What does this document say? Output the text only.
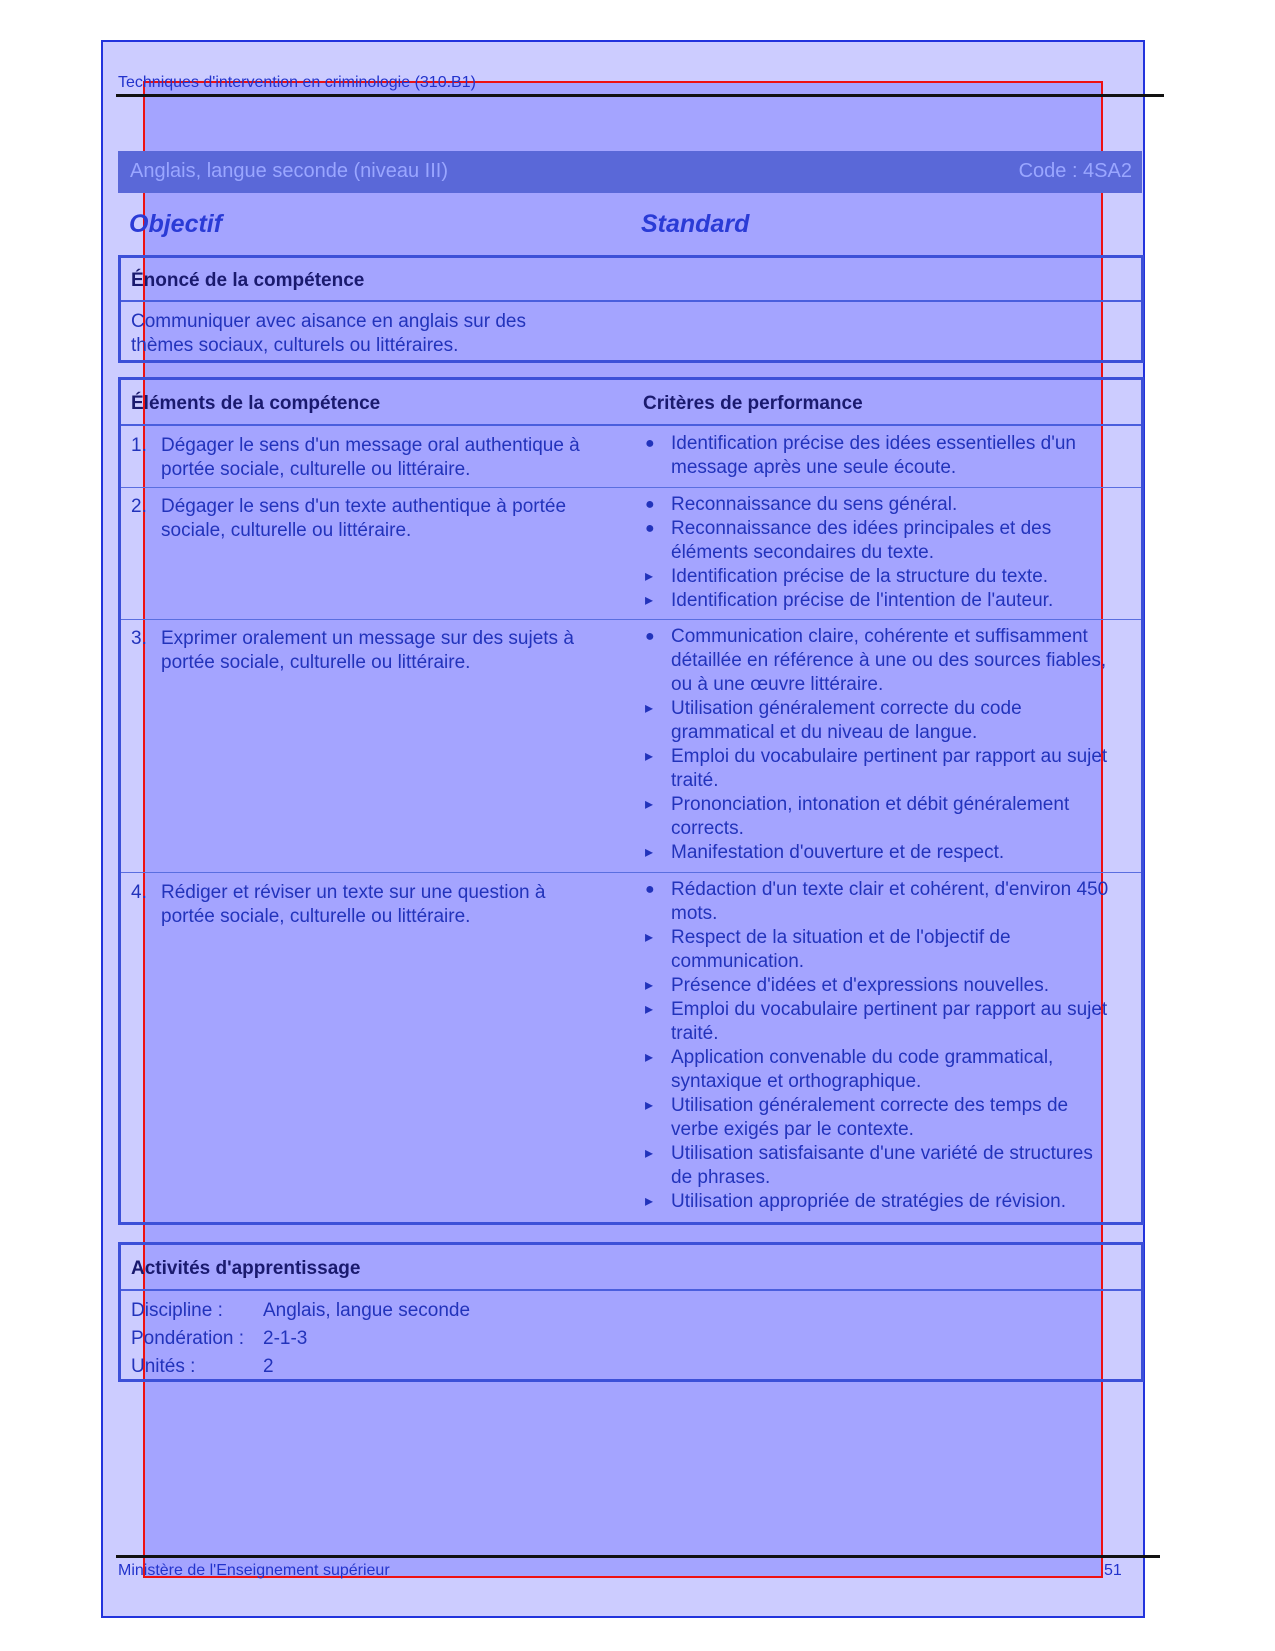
Techniques d'intervention en criminologie (310.B1)
Anglais, langue seconde (niveau III)	Code : 4SA2
Objectif	Standard
Énoncé de la compétence
Communiquer avec aisance en anglais sur des
thèmes sociaux, culturels ou littéraires.
Éléments de la compétence	Critères de performance
1. Dégager le sens d'un message oral authentique à
portée sociale, culturelle ou littéraire.
● Identification précise des idées essentielles d'un message après une seule écoute.
2. Dégager le sens d'un texte authentique à portée
sociale, culturelle ou littéraire.
● Reconnaissance du sens général.
● Reconnaissance des idées principales et des éléments secondaires du texte.
▸ Identification précise de la structure du texte.
▸ Identification précise de l'intention de l'auteur.
3. Exprimer oralement un message sur des sujets à
portée sociale, culturelle ou littéraire.
● Communication claire, cohérente et suffisamment détaillée en référence à une ou des sources fiables, ou à une œuvre littéraire.
▸ Utilisation généralement correcte du code grammatical et du niveau de langue.
▸ Emploi du vocabulaire pertinent par rapport au sujet traité.
▸ Prononciation, intonation et débit généralement corrects.
▸ Manifestation d'ouverture et de respect.
4. Rédiger et réviser un texte sur une question à
portée sociale, culturelle ou littéraire.
● Rédaction d'un texte clair et cohérent, d'environ 450 mots.
▸ Respect de la situation et de l'objectif de communication.
▸ Présence d'idées et d'expressions nouvelles.
▸ Emploi du vocabulaire pertinent par rapport au sujet traité.
▸ Application convenable du code grammatical, syntaxique et orthographique.
▸ Utilisation généralement correcte des temps de verbe exigés par le contexte.
▸ Utilisation satisfaisante d'une variété de structures de phrases.
▸ Utilisation appropriée de stratégies de révision.
Activités d'apprentissage
Discipline : Anglais, langue seconde
Pondération : 2-1-3
Unités :	2
Ministère de l'Enseignement supérieur	51
